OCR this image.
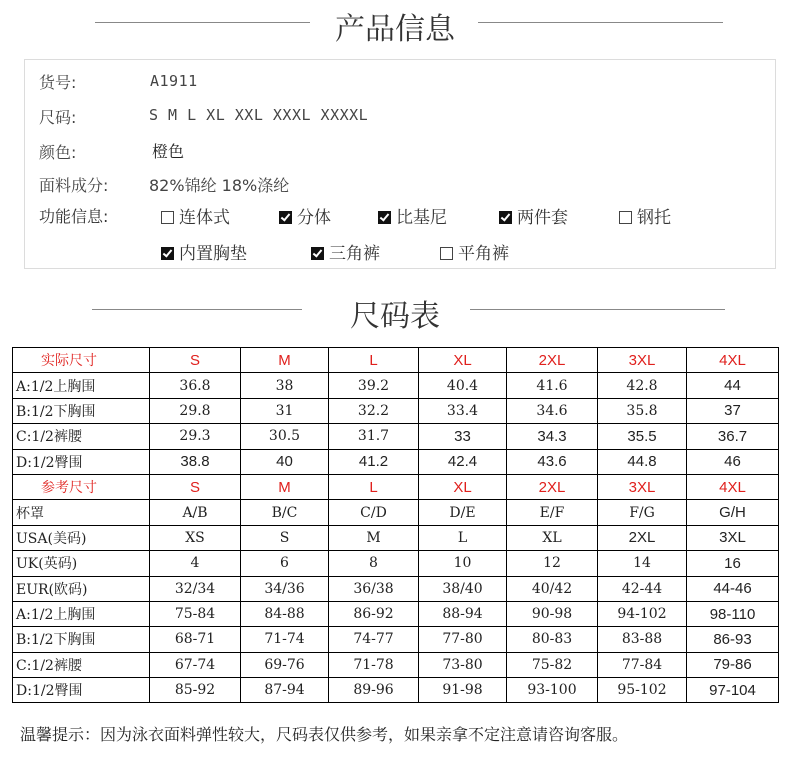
产品信息
货号:	A1911
尺码:	S M L XL XXL XXXL XXXXL
颜色:	橙色
面料成分:	82%锦纶 18%涤纶
功能信息:	连体式	分体	比基尼	两件套	钢托
内置胸垫	三角裤	平角裤
尺码表
实际尺寸	S	M	L	XL	2XL	3XL	4XL
A:1/2上胸围	36.8	38	39.2	40.4	41.6	42.8	44
B:1/2下胸围	29.8	31	32.2	33.4	34.6	35.8	37
C:1/2裤腰	29.3	30.5	31.7	33	34.3	35.5	36.7
D:1/2臀围	38.8	40	41.2	42.4	43.6	44.8	46
参考尺寸	S	M	L	XL	2XL	3XL	4XL
杯罩	A/B	B/C	C/D	D/E	E/F	F/G	G/H
USA(美码)	XS	S	M	L	XL	2XL	3XL
UK(英码)	4	6	8	10	12	14	16
EUR(欧码)	32/34	34/36	36/38	38/40	40/42	42-44	44-46
A:1/2上胸围	75-84	84-88	86-92	88-94	90-98	94-102	98-110
B:1/2下胸围	68-71	71-74	74-77	77-80	80-83	83-88	86-93
C:1/2裤腰	67-74	69-76	71-78	73-80	75-82	77-84	79-86
D:1/2臀围	85-92	87-94	89-96	91-98	93-100	95-102	97-104
温馨提示：因为泳衣面料弹性较大，尺码表仅供参考，如果亲拿不定注意请咨询客服。
